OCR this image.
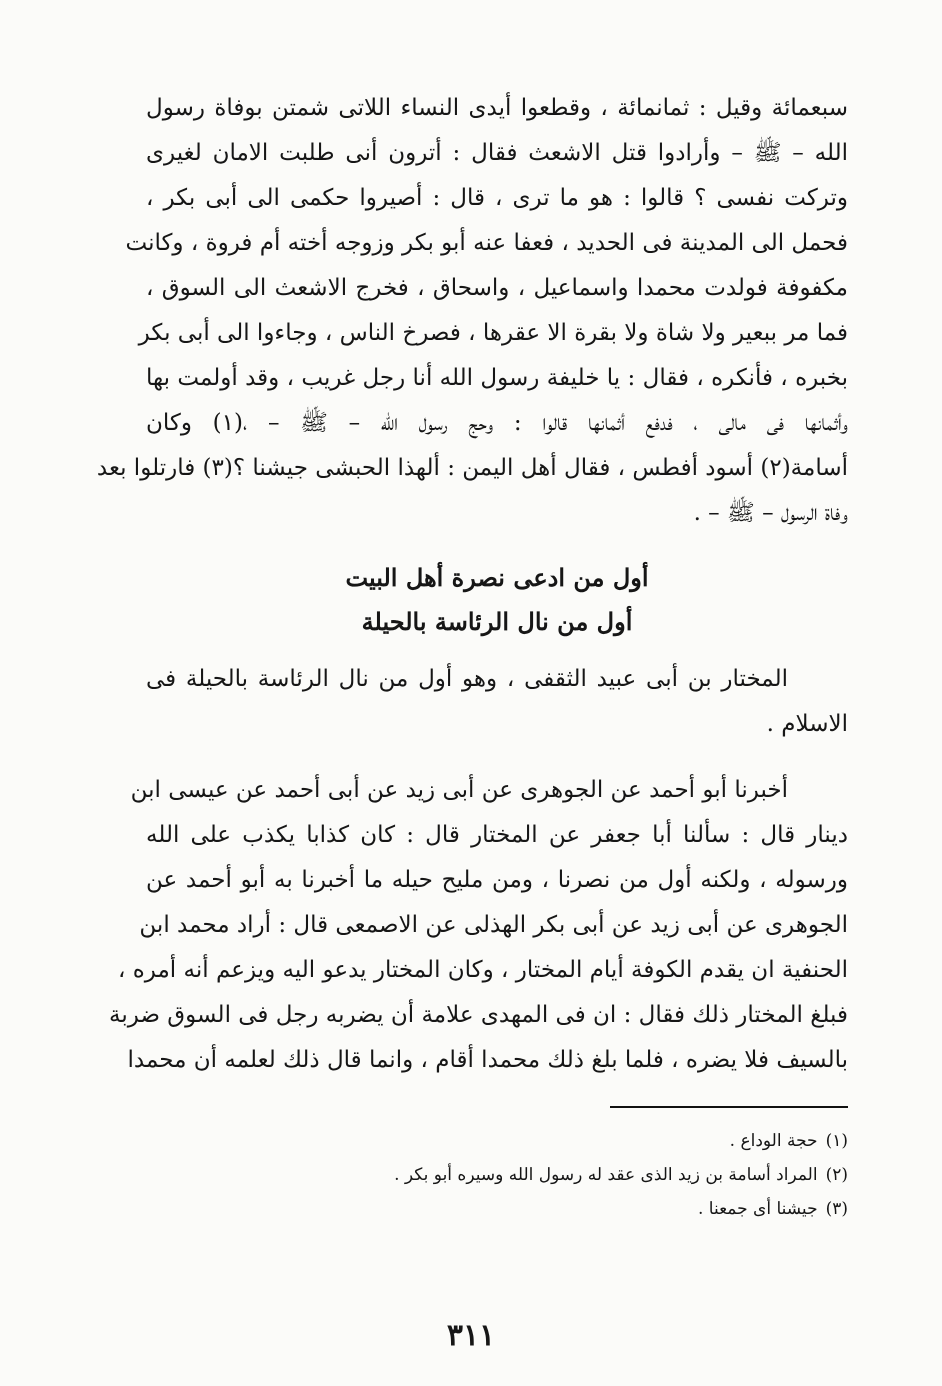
سبعمائة وقيل : ثمانمائة ، وقطعوا أيدى النساء اللاتى شمتن بوفاة رسول
الله – ﷺ – وأرادوا قتل الاشعث فقال : أترون أنى طلبت الامان لغيرى
وتركت نفسى ؟ قالوا : هو ما ترى ، قال : أصيروا حكمى الى أبى بكر ،
فحمل الى المدينة فى الحديد ، فعفا عنه أبو بكر وزوجه أخته أم فروة ، وكانت
مكفوفة فولدت محمدا واسماعيل ، واسحاق ، فخرج الاشعث الى السوق ،
فما مر ببعير ولا شاة ولا بقرة الا عقرها ، فصرخ الناس ، وجاءوا الى أبى بكر
بخبره ، فأنكره ، فقال : يا خليفة رسول الله أنا رجل غريب ، وقد أولمت بها
وأثمانها فى مالى ، فدفع أثمانها قالوا : وحج رسول الله – ﷺ – ،(١) وكان
أسامة(٢) أسود أفطس ، فقال أهل اليمن : ألهذا الحبشى جيشنا ؟(٣) فارتلوا بعد
وفاة الرسول – ﷺ – .
أول من ادعى نصرة أهل البيت
أول من نال الرئاسة بالحيلة
المختار بن أبى عبيد الثقفى ، وهو أول من نال الرئاسة بالحيلة فى
الاسلام .
أخبرنا أبو أحمد عن الجوهرى عن أبى زيد عن أبى أحمد عن عيسى ابن
دينار قال : سألنا أبا جعفر عن المختار قال : كان كذابا يكذب على الله
ورسوله ، ولكنه أول من نصرنا ، ومن مليح حيله ما أخبرنا به أبو أحمد عن
الجوهرى عن أبى زيد عن أبى بكر الهذلى عن الاصمعى قال : أراد محمد ابن
الحنفية ان يقدم الكوفة أيام المختار ، وكان المختار يدعو اليه ويزعم أنه أمره ،
فبلغ المختار ذلك فقال : ان فى المهدى علامة أن يضربه رجل فى السوق ضربة
بالسيف فلا يضره ، فلما بلغ ذلك محمدا أقام ، وانما قال ذلك لعلمه أن محمدا
(١)حجة الوداع .
(٢)المراد أسامة بن زيد الذى عقد له رسول الله وسيره أبو بكر .
(٣)جيشنا أى جمعنا .
٣١١
